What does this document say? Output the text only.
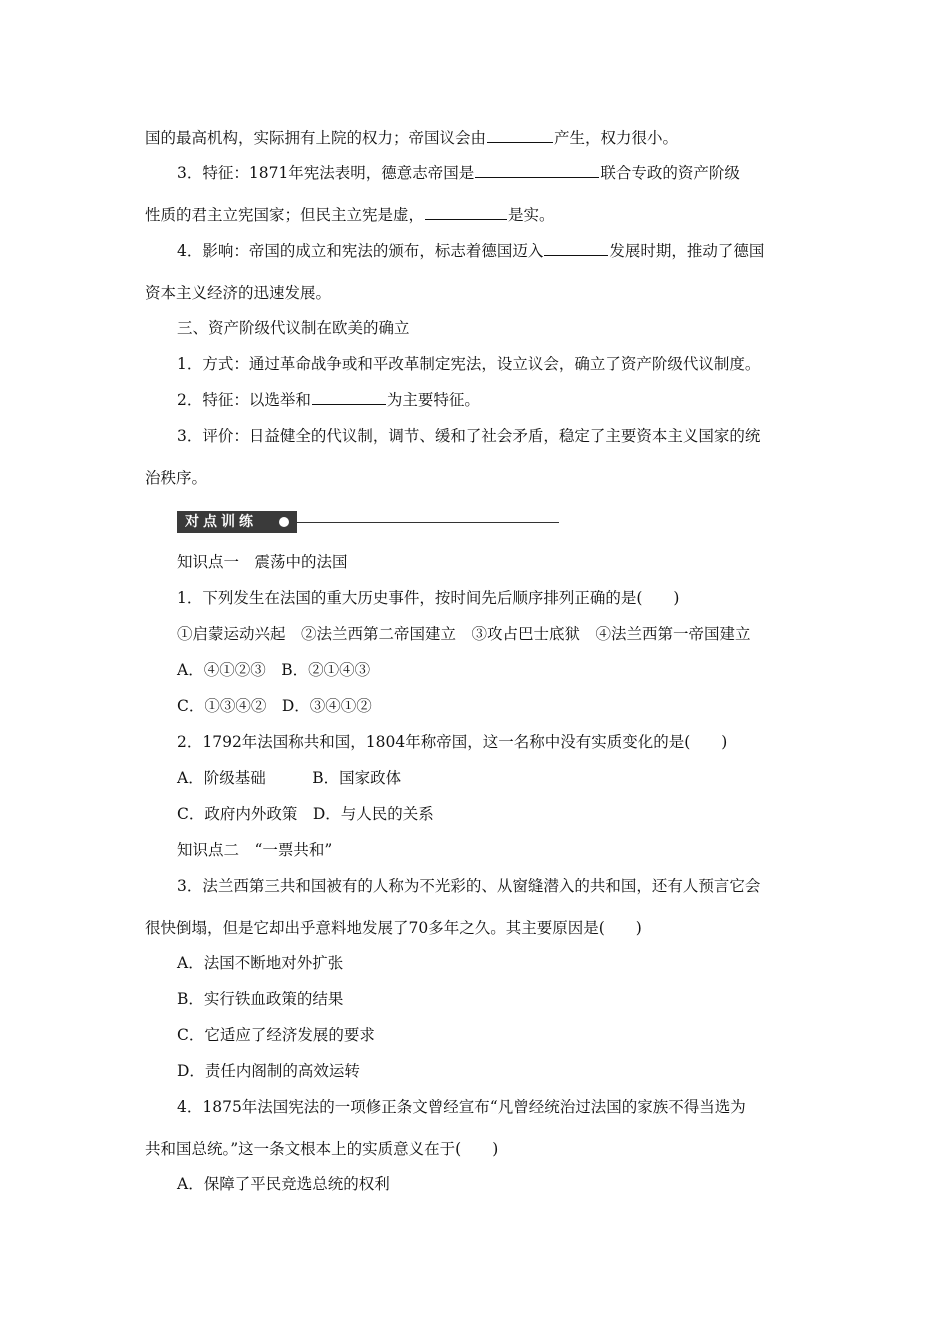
国的最高机构，实际拥有上院的权力；帝国议会由	产生，权力很小。
3．特征：1871年宪法表明，德意志帝国是	联合专政的资产阶级
性质的君主立宪国家；但民主立宪是虚，	是实。
4．影响：帝国的成立和宪法的颁布，标志着德国迈入	发展时期，推动了德国
资本主义经济的迅速发展。
三、资产阶级代议制在欧美的确立
1．方式：通过革命战争或和平改革制定宪法，设立议会，确立了资产阶级代议制度。
2．特征：以选举和	为主要特征。
3．评价：日益健全的代议制，调节、缓和了社会矛盾，稳定了主要资本主义国家的统
治秩序。
对点训练
知识点一　震荡中的法国
1．下列发生在法国的重大历史事件，按时间先后顺序排列正确的是(　　)
①启蒙运动兴起　②法兰西第二帝国建立　③攻占巴士底狱　④法兰西第一帝国建立
A．④①②③　B．②①④③
C．①③④②　D．③④①②
2．1792年法国称共和国，1804年称帝国，这一名称中没有实质变化的是(　　)
A．阶级基础　　　B．国家政体
C．政府内外政策　D．与人民的关系
知识点二　“一票共和”
3．法兰西第三共和国被有的人称为不光彩的、从窗缝潜入的共和国，还有人预言它会
很快倒塌，但是它却出乎意料地发展了70多年之久。其主要原因是(　　)
A．法国不断地对外扩张
B．实行铁血政策的结果
C．它适应了经济发展的要求
D．责任内阁制的高效运转
4．1875年法国宪法的一项修正条文曾经宣布“凡曾经统治过法国的家族不得当选为
共和国总统。”这一条文根本上的实质意义在于(　　)
A．保障了平民竞选总统的权利
